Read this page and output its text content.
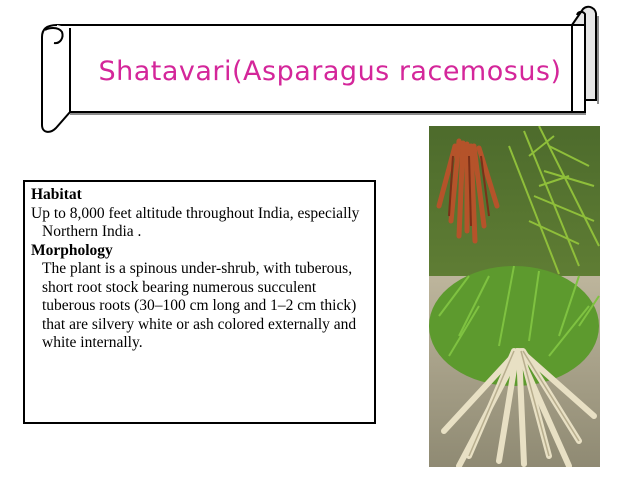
Shatavari(Asparagus racemosus)

Habitat

Up to 8,000 feet altitude throughout India, especially Northern India .

Morphology

The plant is a spinous under-shrub, with tuberous, short root stock bearing numerous succulent tuberous roots (30–100 cm long and 1–2 cm thick) that are silvery white or ash colored externally and white internally.
